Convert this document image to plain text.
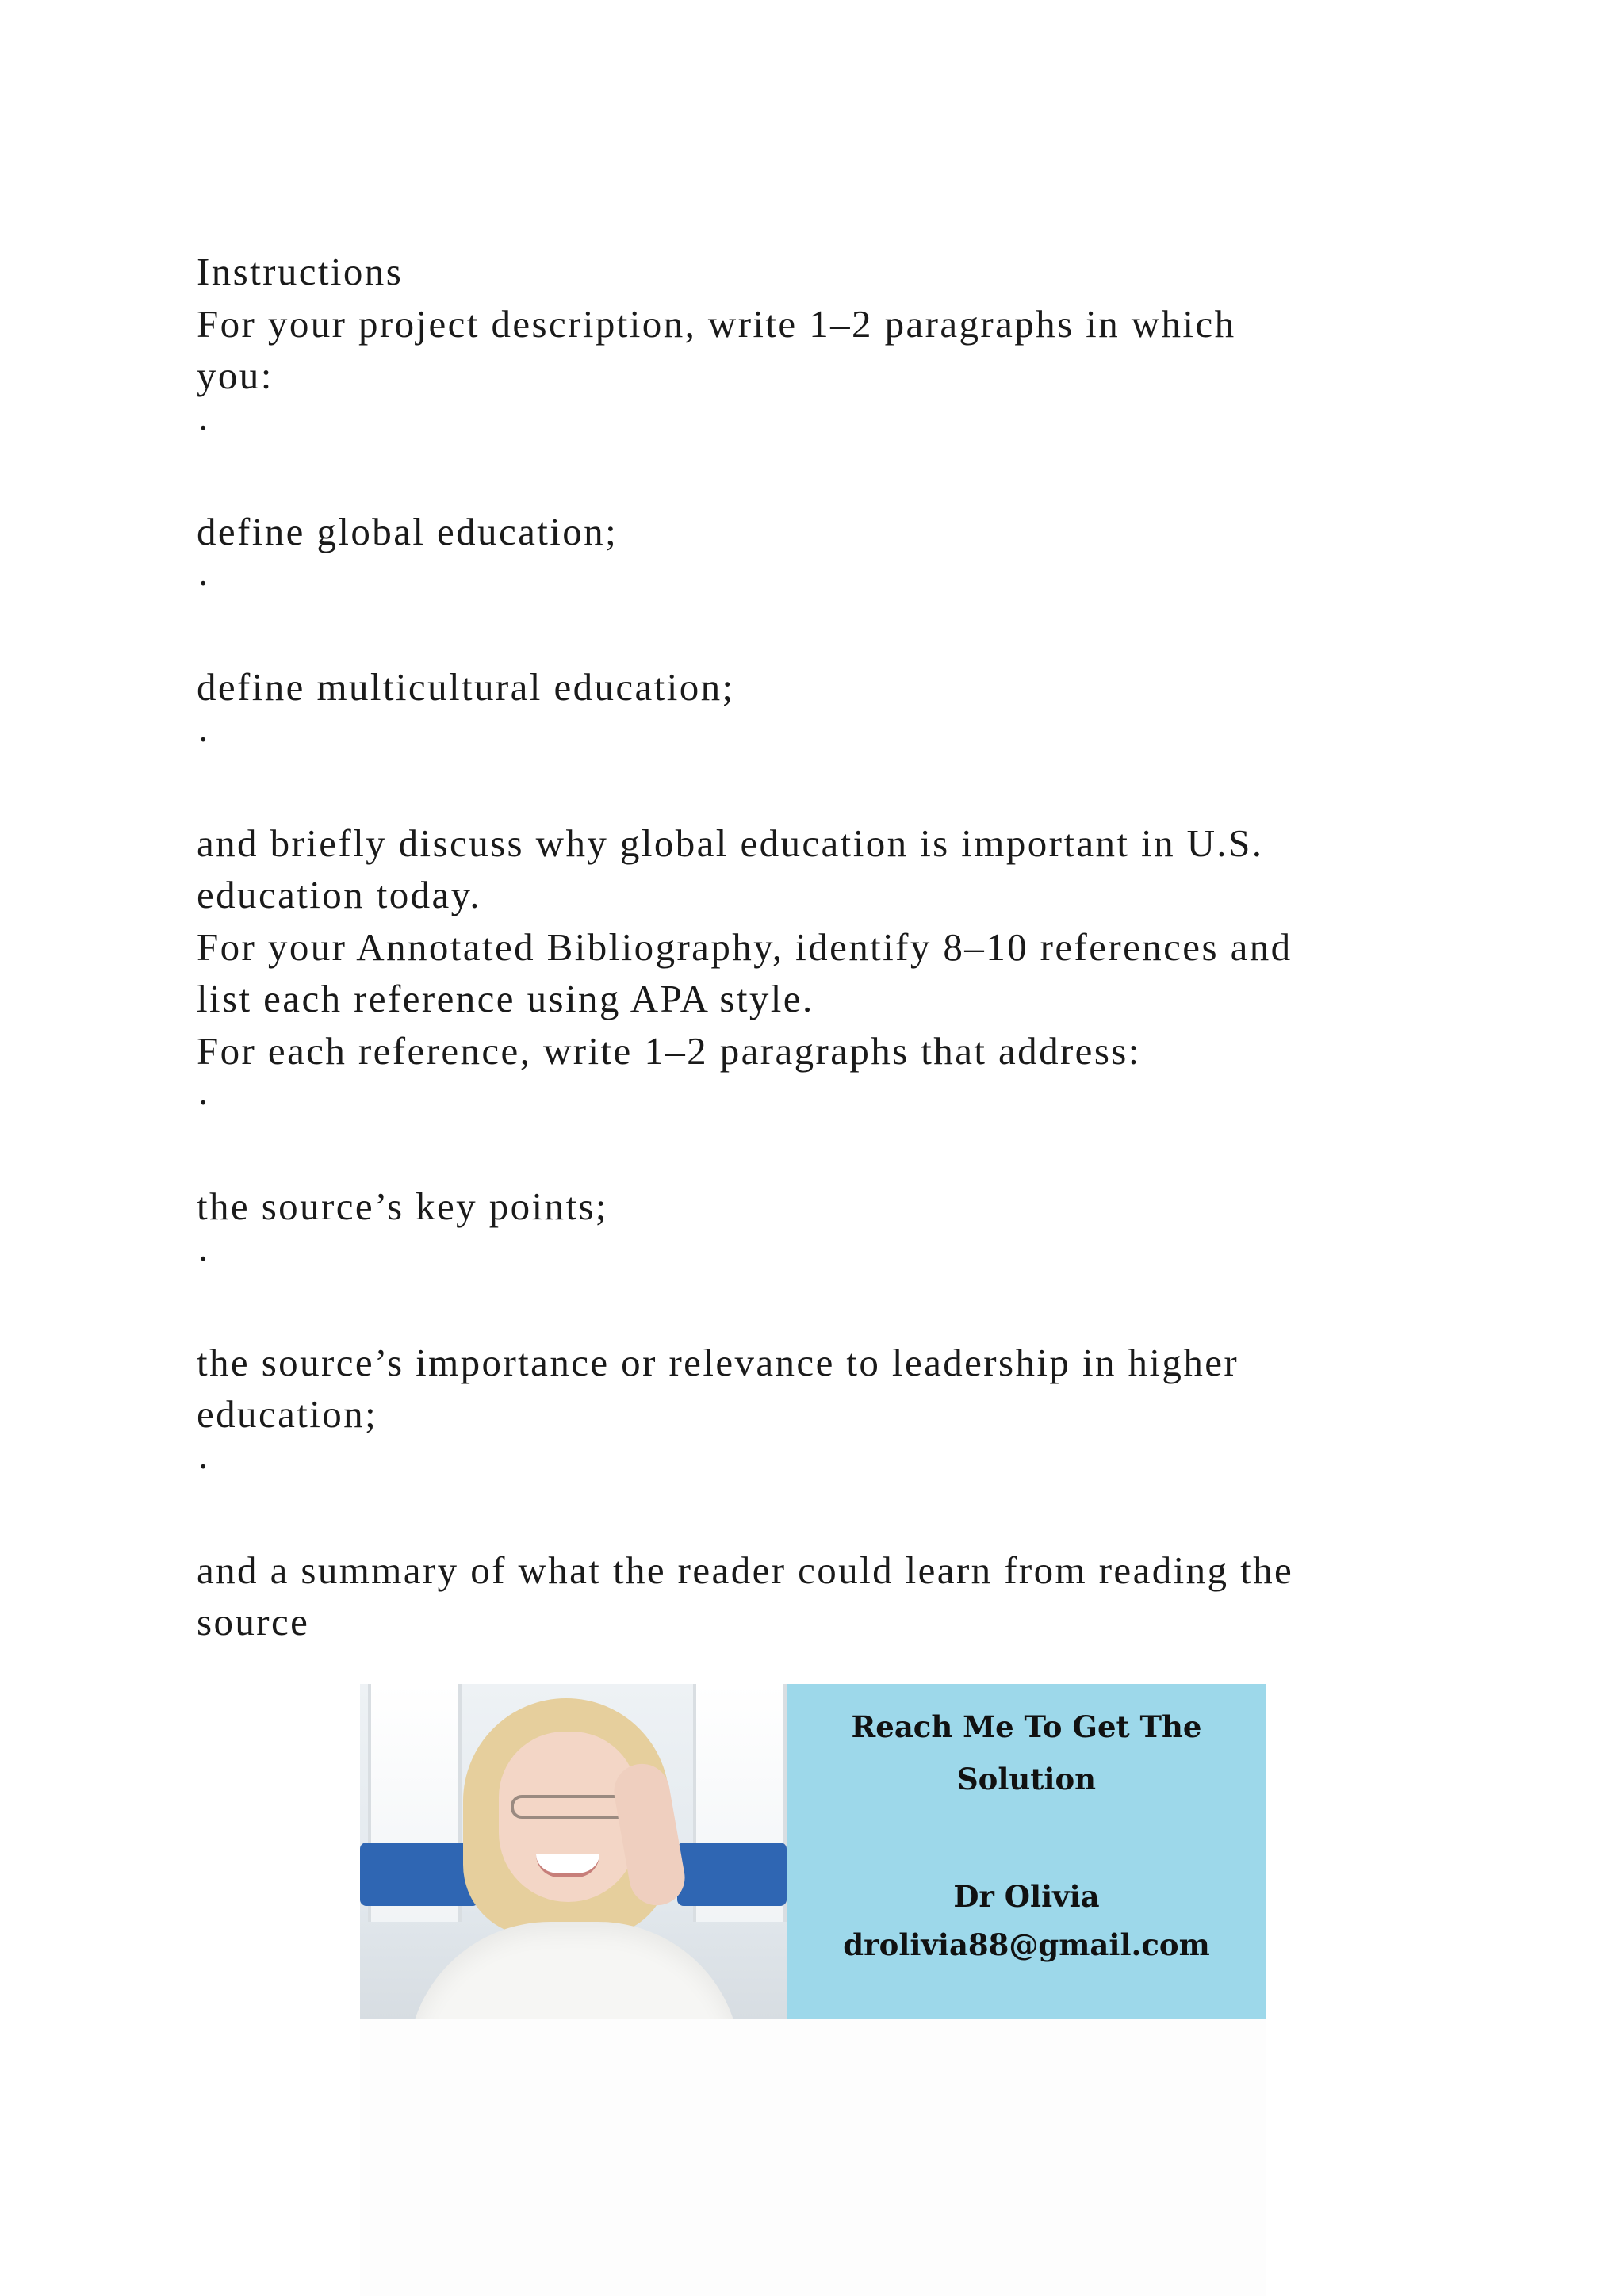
Instructions
For your project description, write 1–2 paragraphs in which
you:
·
define global education;
·
define multicultural education;
·
and briefly discuss why global education is important in U.S.
education today.
For your Annotated Bibliography, identify 8–10 references and
list each reference using APA style.
For each reference, write 1–2 paragraphs that address:
·
the source’s key points;
·
the source’s importance or relevance to leadership in higher
education;
·
and a summary of what the reader could learn from reading the
source
Reach Me To Get The
Solution
Dr Olivia
drolivia88@gmail.com
